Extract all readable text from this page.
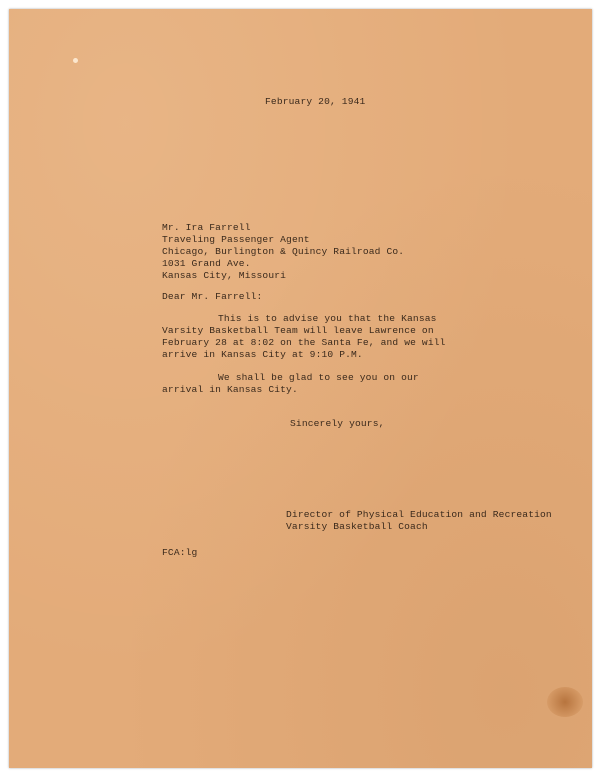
February 20, 1941

Mr. Ira Farrell

Traveling Passenger Agent

Chicago, Burlington & Quincy Railroad Co.

1031 Grand Ave.

Kansas City, Missouri

Dear Mr. Farrell:

This is to advise you that the Kansas

Varsity Basketball Team will leave Lawrence on

February 28 at 8:02 on the Santa Fe, and we will

arrive in Kansas City at 9:10 P.M.

We shall be glad to see you on our

arrival in Kansas City.

Sincerely yours,

Director of Physical Education and Recreation

Varsity Basketball Coach

FCA:lg
